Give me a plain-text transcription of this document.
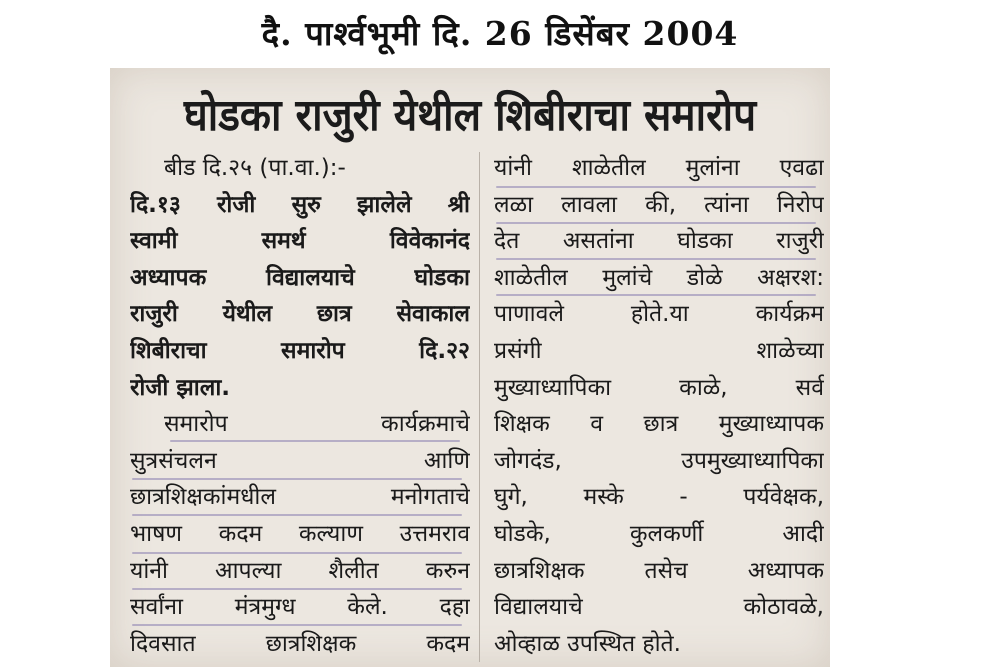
दै. पार्श्वभूमी दि. 26 डिसेंबर 2004
घोडका राजुरी येथील शिबीराचा समारोप
बीड दि.२५ (पा.वा.):-
दि.१३ रोजी सुरु झालेले श्री
स्वामी समर्थ विवेकानंद
अध्यापक विद्यालयाचे घोडका
राजुरी येथील छात्र सेवाकाल
शिबीराचा समारोप दि.२२
रोजी झाला.
समारोप कार्यक्रमाचे
सुत्रसंचलन आणि
छात्रशिक्षकांमधील मनोगताचे
भाषण कदम कल्याण उत्तमराव
यांनी आपल्या शैलीत करुन
सर्वांना मंत्रमुग्ध केले. दहा
दिवसात छात्रशिक्षक कदम
यांनी शाळेतील मुलांना एवढा
लळा लावला की, त्यांना निरोप
देत असतांना घोडका राजुरी
शाळेतील मुलांचे डोळे अक्षरश:
पाणावले होते.या कार्यक्रम
प्रसंगी शाळेच्या
मुख्याध्यापिका काळे, सर्व
शिक्षक व छात्र मुख्याध्यापक
जोगदंड, उपमुख्याध्यापिका
घुगे, मस्के - पर्यवेक्षक,
घोडके, कुलकर्णी आदी
छात्रशिक्षक तसेच अध्यापक
विद्यालयाचे कोठावळे,
ओव्हाळ उपस्थित होते.
